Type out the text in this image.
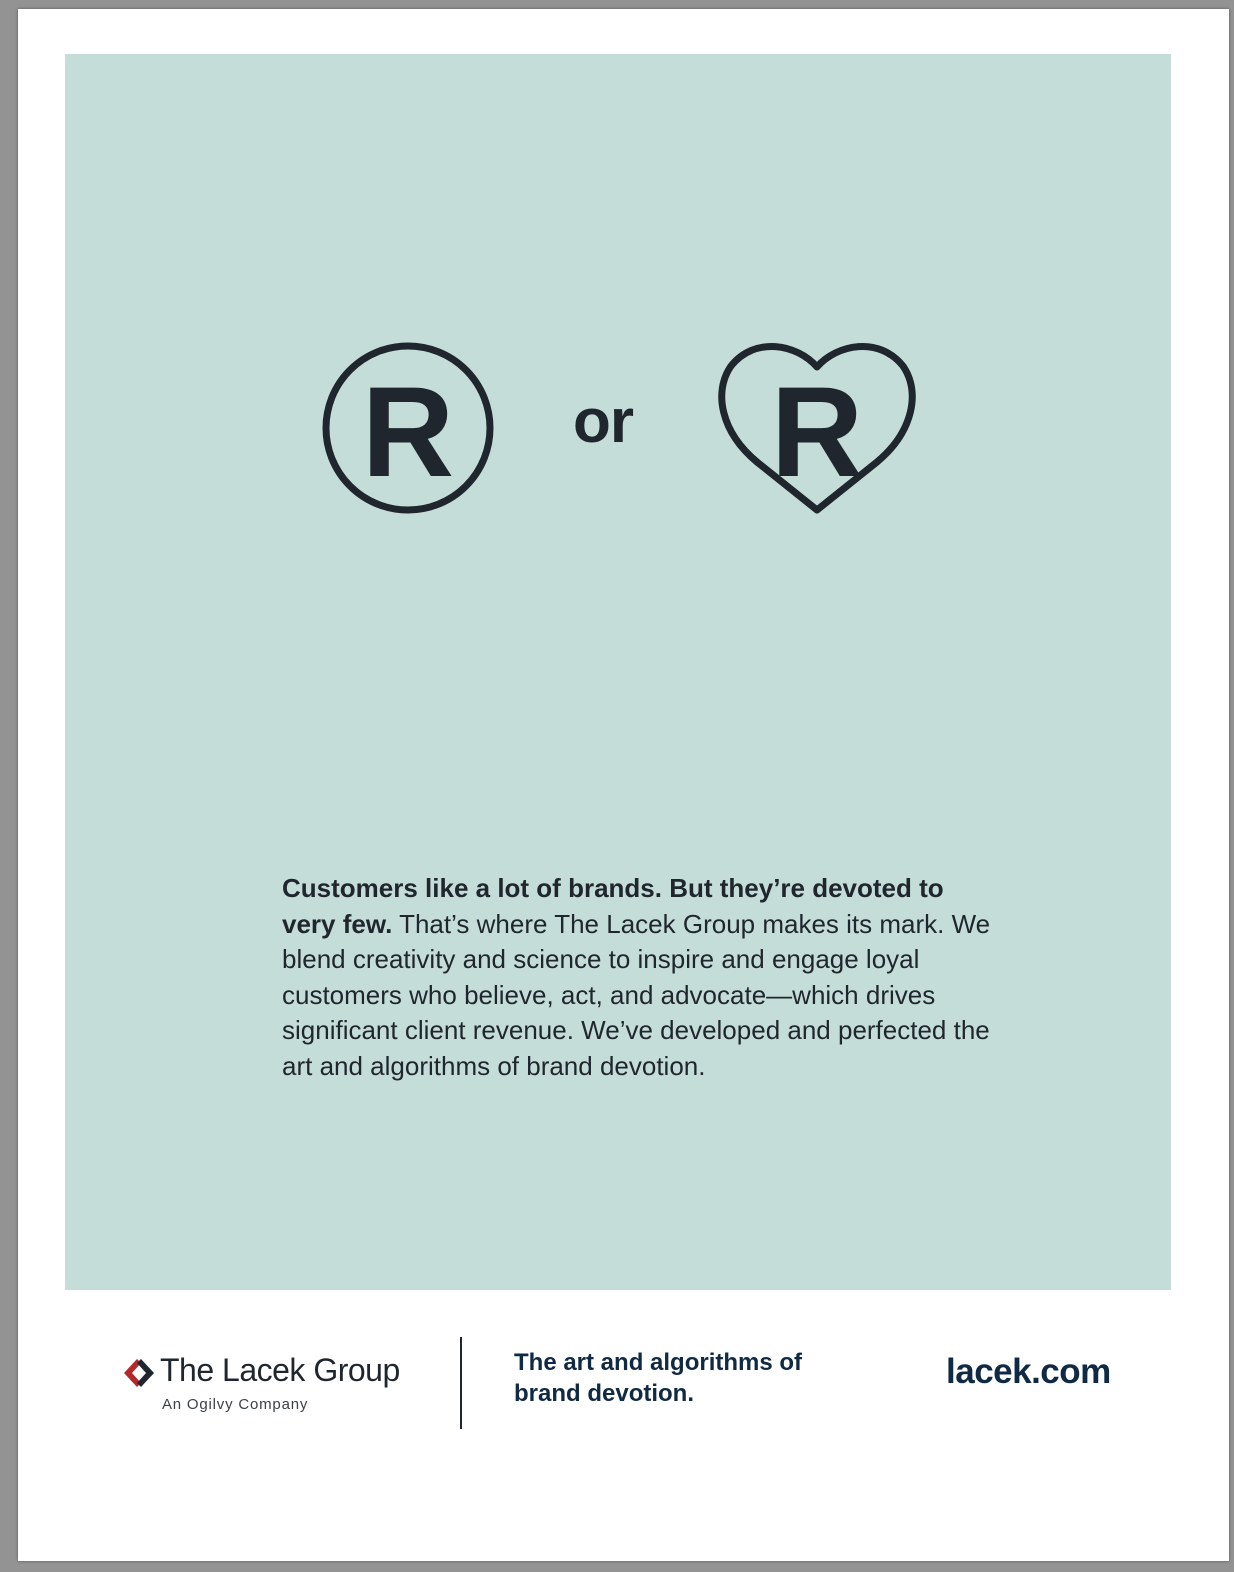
R or R

Customers like a lot of brands. But they’re devoted to very few. That’s where The Lacek Group makes its mark. We blend creativity and science to inspire and engage loyal customers who believe, act, and advocate—which drives significant client revenue. We’ve developed and perfected the art and algorithms of brand devotion.

The Lacek Group
An Ogilvy Company
The art and algorithms of
brand devotion.
lacek.com
